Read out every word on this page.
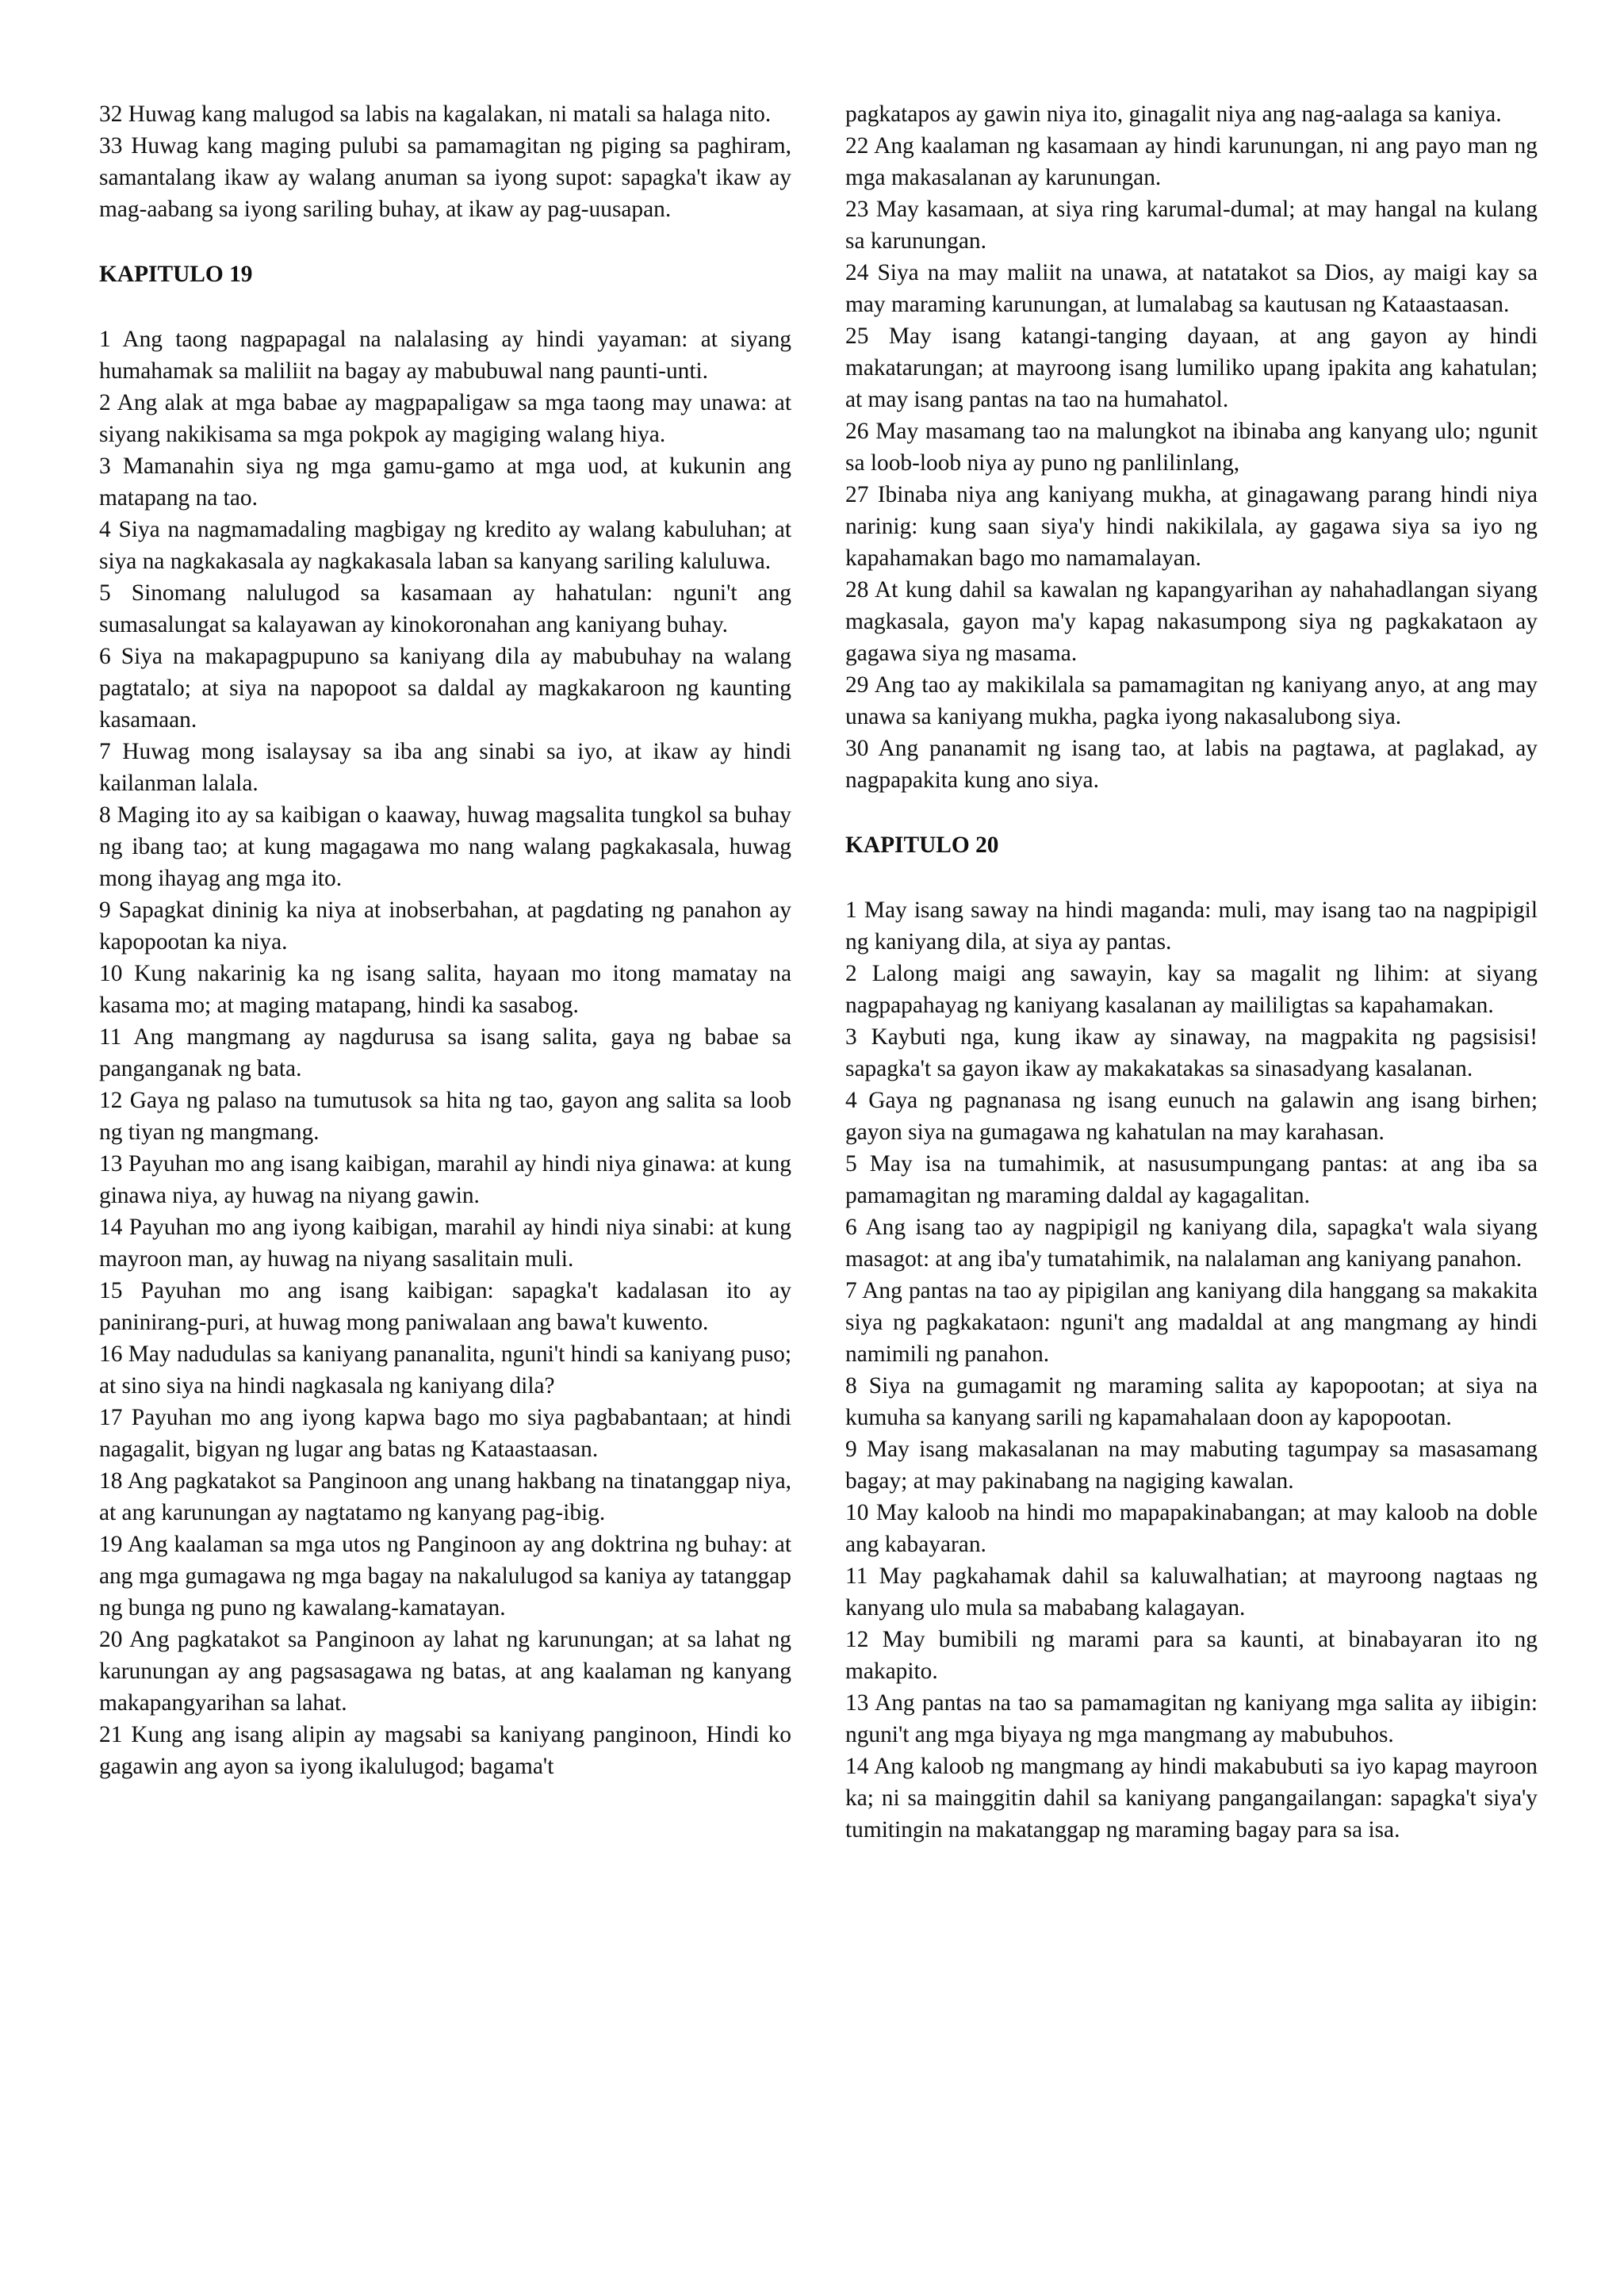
32 Huwag kang malugod sa labis na kagalakan, ni matali sa halaga nito.

33 Huwag kang maging pulubi sa pamamagitan ng piging sa paghiram, samantalang ikaw ay walang anuman sa iyong supot: sapagka't ikaw ay mag-aabang sa iyong sariling buhay, at ikaw ay pag-uusapan.

KAPITULO 19

1 Ang taong nagpapagal na nalalasing ay hindi yayaman: at siyang humahamak sa maliliit na bagay ay mabubuwal nang paunti-unti.

2 Ang alak at mga babae ay magpapaligaw sa mga taong may unawa: at siyang nakikisama sa mga pokpok ay magiging walang hiya.

3 Mamanahin siya ng mga gamu-gamo at mga uod, at kukunin ang matapang na tao.

4 Siya na nagmamadaling magbigay ng kredito ay walang kabuluhan; at siya na nagkakasala ay nagkakasala laban sa kanyang sariling kaluluwa.

5 Sinomang nalulugod sa kasamaan ay hahatulan: nguni't ang sumasalungat sa kalayawan ay kinokoronahan ang kaniyang buhay.

6 Siya na makapagpupuno sa kaniyang dila ay mabubuhay na walang pagtatalo; at siya na napopoot sa daldal ay magkakaroon ng kaunting kasamaan.

7 Huwag mong isalaysay sa iba ang sinabi sa iyo, at ikaw ay hindi kailanman lalala.

8 Maging ito ay sa kaibigan o kaaway, huwag magsalita tungkol sa buhay ng ibang tao; at kung magagawa mo nang walang pagkakasala, huwag mong ihayag ang mga ito.

9 Sapagkat dininig ka niya at inobserbahan, at pagdating ng panahon ay kapopootan ka niya.

10 Kung nakarinig ka ng isang salita, hayaan mo itong mamatay na kasama mo; at maging matapang, hindi ka sasabog.

11 Ang mangmang ay nagdurusa sa isang salita, gaya ng babae sa panganganak ng bata.

12 Gaya ng palaso na tumutusok sa hita ng tao, gayon ang salita sa loob ng tiyan ng mangmang.

13 Payuhan mo ang isang kaibigan, marahil ay hindi niya ginawa: at kung ginawa niya, ay huwag na niyang gawin.

14 Payuhan mo ang iyong kaibigan, marahil ay hindi niya sinabi: at kung mayroon man, ay huwag na niyang sasalitain muli.

15 Payuhan mo ang isang kaibigan: sapagka't kadalasan ito ay paninirang-puri, at huwag mong paniwalaan ang bawa't kuwento.

16 May nadudulas sa kaniyang pananalita, nguni't hindi sa kaniyang puso; at sino siya na hindi nagkasala ng kaniyang dila?

17 Payuhan mo ang iyong kapwa bago mo siya pagbabantaan; at hindi nagagalit, bigyan ng lugar ang batas ng Kataastaasan.

18 Ang pagkatakot sa Panginoon ang unang hakbang na tinatanggap niya, at ang karunungan ay nagtatamo ng kanyang pag-ibig.

19 Ang kaalaman sa mga utos ng Panginoon ay ang doktrina ng buhay: at ang mga gumagawa ng mga bagay na nakalulugod sa kaniya ay tatanggap ng bunga ng puno ng kawalang-kamatayan.

20 Ang pagkatakot sa Panginoon ay lahat ng karunungan; at sa lahat ng karunungan ay ang pagsasagawa ng batas, at ang kaalaman ng kanyang makapangyarihan sa lahat.

21 Kung ang isang alipin ay magsabi sa kaniyang panginoon, Hindi ko gagawin ang ayon sa iyong ikalulugod; bagama't

pagkatapos ay gawin niya ito, ginagalit niya ang nag-aalaga sa kaniya.

22 Ang kaalaman ng kasamaan ay hindi karunungan, ni ang payo man ng mga makasalanan ay karunungan.

23 May kasamaan, at siya ring karumal-dumal; at may hangal na kulang sa karunungan.

24 Siya na may maliit na unawa, at natatakot sa Dios, ay maigi kay sa may maraming karunungan, at lumalabag sa kautusan ng Kataastaasan.

25 May isang katangi-tanging dayaan, at ang gayon ay hindi makatarungan; at mayroong isang lumiliko upang ipakita ang kahatulan; at may isang pantas na tao na humahatol.

26 May masamang tao na malungkot na ibinaba ang kanyang ulo; ngunit sa loob-loob niya ay puno ng panlilinlang,

27 Ibinaba niya ang kaniyang mukha, at ginagawang parang hindi niya narinig: kung saan siya'y hindi nakikilala, ay gagawa siya sa iyo ng kapahamakan bago mo namamalayan.

28 At kung dahil sa kawalan ng kapangyarihan ay nahahadlangan siyang magkasala, gayon ma'y kapag nakasumpong siya ng pagkakataon ay gagawa siya ng masama.

29 Ang tao ay makikilala sa pamamagitan ng kaniyang anyo, at ang may unawa sa kaniyang mukha, pagka iyong nakasalubong siya.

30 Ang pananamit ng isang tao, at labis na pagtawa, at paglakad, ay nagpapakita kung ano siya.

KAPITULO 20

1 May isang saway na hindi maganda: muli, may isang tao na nagpipigil ng kaniyang dila, at siya ay pantas.

2 Lalong maigi ang sawayin, kay sa magalit ng lihim: at siyang nagpapahayag ng kaniyang kasalanan ay maililigtas sa kapahamakan.

3 Kaybuti nga, kung ikaw ay sinaway, na magpakita ng pagsisisi! sapagka't sa gayon ikaw ay makakatakas sa sinasadyang kasalanan.

4 Gaya ng pagnanasa ng isang eunuch na galawin ang isang birhen; gayon siya na gumagawa ng kahatulan na may karahasan.

5 May isa na tumahimik, at nasusumpungang pantas: at ang iba sa pamamagitan ng maraming daldal ay kagagalitan.

6 Ang isang tao ay nagpipigil ng kaniyang dila, sapagka't wala siyang masagot: at ang iba'y tumatahimik, na nalalaman ang kaniyang panahon.

7 Ang pantas na tao ay pipigilan ang kaniyang dila hanggang sa makakita siya ng pagkakataon: nguni't ang madaldal at ang mangmang ay hindi namimili ng panahon.

8 Siya na gumagamit ng maraming salita ay kapopootan; at siya na kumuha sa kanyang sarili ng kapamahalaan doon ay kapopootan.

9 May isang makasalanan na may mabuting tagumpay sa masasamang bagay; at may pakinabang na nagiging kawalan.

10 May kaloob na hindi mo mapapakinabangan; at may kaloob na doble ang kabayaran.

11 May pagkahamak dahil sa kaluwalhatian; at mayroong nagtaas ng kanyang ulo mula sa mababang kalagayan.

12 May bumibili ng marami para sa kaunti, at binabayaran ito ng makapito.

13 Ang pantas na tao sa pamamagitan ng kaniyang mga salita ay iibigin: nguni't ang mga biyaya ng mga mangmang ay mabubuhos.

14 Ang kaloob ng mangmang ay hindi makabubuti sa iyo kapag mayroon ka; ni sa mainggitin dahil sa kaniyang pangangailangan: sapagka't siya'y tumitingin na makatanggap ng maraming bagay para sa isa.
